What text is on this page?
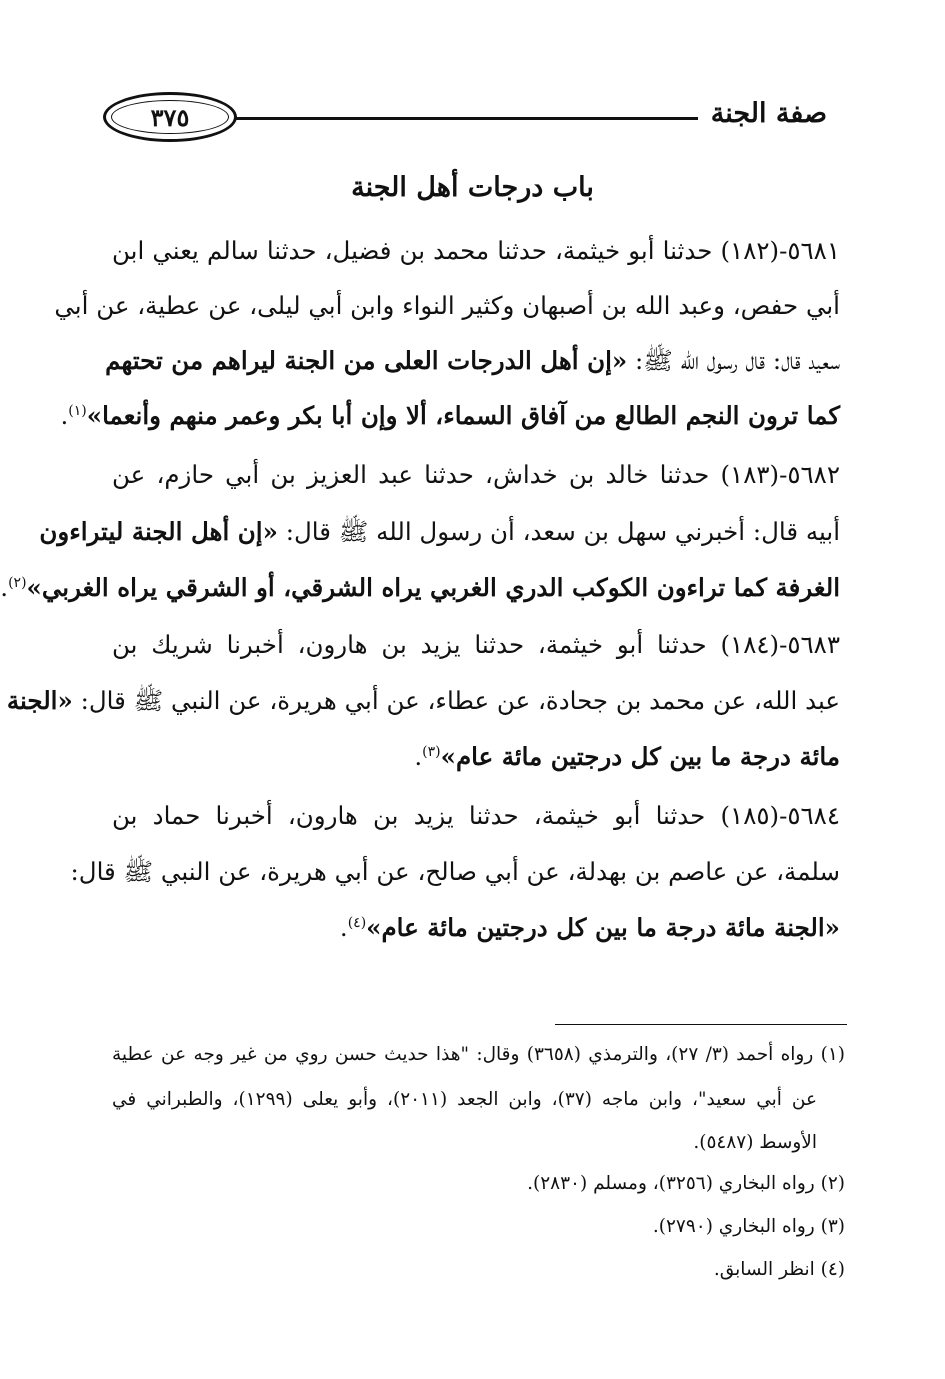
صفة الجنة
٣٧٥
باب درجات أهل الجنة
٥٦٨١-(١٨٢) حدثنا أبو خيثمة، حدثنا محمد بن فضيل، حدثنا سالم يعني ابن
أبي حفص، وعبد الله بن أصبهان وكثير النواء وابن أبي ليلى، عن عطية، عن أبي
سعيد قال: قال رسول الله ﷺ: «إن أهل الدرجات العلى من الجنة ليراهم من تحتهم
كما ترون النجم الطالع من آفاق السماء، ألا وإن أبا بكر وعمر منهم وأنعما»$^{(١)}$.
٥٦٨٢-(١٨٣) حدثنا خالد بن خداش، حدثنا عبد العزيز بن أبي حازم، عن
أبيه قال: أخبرني سهل بن سعد، أن رسول الله ﷺ قال: «إن أهل الجنة ليتراءون
الغرفة كما تراءون الكوكب الدري الغربي يراه الشرقي، أو الشرقي يراه الغربي»$^{(٢)}$.
٥٦٨٣-(١٨٤) حدثنا أبو خيثمة، حدثنا يزيد بن هارون، أخبرنا شريك بن
عبد الله، عن محمد بن جحادة، عن عطاء، عن أبي هريرة، عن النبي ﷺ قال: «الجنة
مائة درجة ما بين كل درجتين مائة عام»$^{(٣)}$.
٥٦٨٤-(١٨٥) حدثنا أبو خيثمة، حدثنا يزيد بن هارون، أخبرنا حماد بن
سلمة، عن عاصم بن بهدلة، عن أبي صالح، عن أبي هريرة، عن النبي ﷺ قال:
«الجنة مائة درجة ما بين كل درجتين مائة عام»$^{(٤)}$.
(١) رواه أحمد (٣/ ٢٧)، والترمذي (٣٦٥٨) وقال: "هذا حديث حسن روي من غير وجه عن عطية
عن أبي سعيد"، وابن ماجه (٣٧)، وابن الجعد (٢٠١١)، وأبو يعلى (١٢٩٩)، والطبراني في
الأوسط (٥٤٨٧).
(٢) رواه البخاري (٣٢٥٦)، ومسلم (٢٨٣٠).
(٣) رواه البخاري (٢٧٩٠).
(٤) انظر السابق.
